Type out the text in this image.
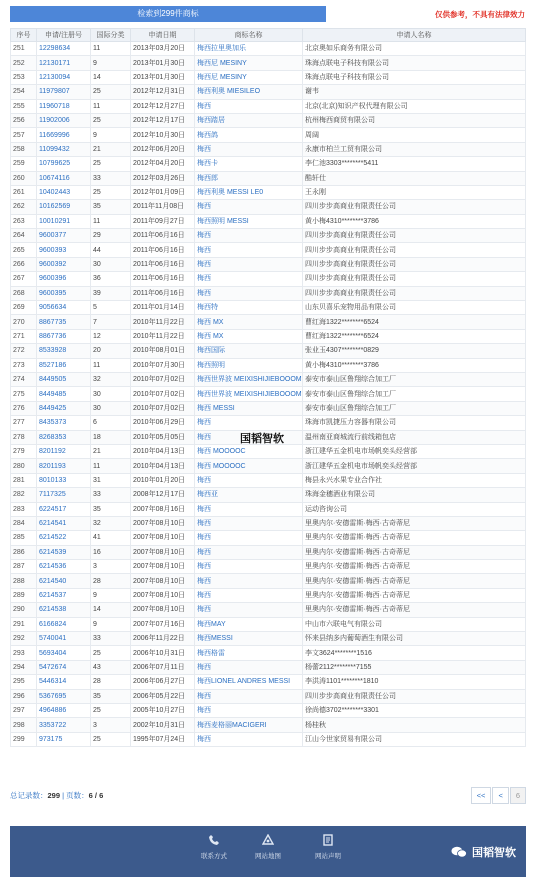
检索到299件商标	仅供参考，不具有法律效力
序号	申请/注册号	国际分类	申请日期	商标名称	申请人名称
251	12298634	11	2013年03月20日	梅西拉里奥加乐	北京奥如乐商务有限公司
252	12130171	9	2013年01月30日	梅西尼 MESINY	珠海点联电子科技有限公司
253	12130094	14	2013年01月30日	梅西尼 MESINY	珠海点联电子科技有限公司
254	11979807	25	2012年12月31日	梅西利奥 MIESILEO	谢韦
255	11960718	11	2012年12月27日	梅西	北京(北京)知识产权代理有限公司
256	11902006	25	2012年12月17日	梅西踏居	杭州梅西商贸有限公司
257	11669996	9	2012年10月30日	梅西鸽	周阔
258	11099432	21	2012年06月20日	梅西	永康市柏兰工贸有限公司
259	10799625	25	2012年04月20日	梅西卡	李仁池3303********5411
260	10674116	33	2012年03月26日	梅西郎	酷轩仕
261	10402443	25	2012年01月09日	梅西利奥 MESSI LE0	王永刚
262	10162569	35	2011年11月08日	梅西	四川步步高商业有限责任公司
263	10010291	11	2011年09月27日	梅西照明 MESSI	黄小梅4310********3786
264	9600377	29	2011年06月16日	梅西	四川步步高商业有限责任公司
265	9600393	44	2011年06月16日	梅西	四川步步高商业有限责任公司
266	9600392	30	2011年06月16日	梅西	四川步步高商业有限责任公司
267	9600396	36	2011年06月16日	梅西	四川步步高商业有限责任公司
268	9600395	39	2011年06月16日	梅西	四川步步高商业有限责任公司
269	9056634	5	2011年01月14日	梅西特	山东贝喜乐宠物用品有限公司
270	8867735	7	2010年11月22日	梅西 MX	曹红海1322********6524
271	8867736	12	2010年11月22日	梅西 MX	曹红海1322********6524
272	8533928	20	2010年08月01日	梅西国际	张业玉4307********0829
273	8527186	11	2010年07月30日	梅西照明	黄小梅4310********3786
274	8449505	32	2010年07月02日	梅西世界波 MEIXISHIJIEBOOOM	泰安市泰山区鲁翔综合加工厂
275	8449485	30	2010年07月02日	梅西世界波 MEIXISHIJIEBOOOM	泰安市泰山区鲁翔综合加工厂
276	8449425	30	2010年07月02日	梅西 MESSI	泰安市泰山区鲁翔综合加工厂
277	8435373	6	2010年06月29日	梅西	珠海市凯捷压力容器有限公司
278	8268353	18	2010年05月05日	梅西	温州南亚商城流行前线箱包店
279	8201192	21	2010年04月13日	梅西 MOOOOC	浙江建华五金机电市场帆奕头经营部
280	8201193	11	2010年04月13日	梅西 MOOOOC	浙江建华五金机电市场帆奕头经营部
281	8010133	31	2010年01月20日	梅西	梅县永兴水果专业合作社
282	7117325	33	2008年12月17日	梅西亚	珠海金穗酒业有限公司
283	6224517	35	2007年08月16日	梅西	运动咨询公司
284	6214541	32	2007年08月10日	梅西	里奥内尔·安德雷斯·梅西·古奇蒂尼
285	6214522	41	2007年08月10日	梅西	里奥内尔·安德雷斯·梅西·古奇蒂尼
286	6214539	16	2007年08月10日	梅西	里奥内尔·安德雷斯·梅西·古奇蒂尼
287	6214536	3	2007年08月10日	梅西	里奥内尔·安德雷斯·梅西·古奇蒂尼
288	6214540	28	2007年08月10日	梅西	里奥内尔·安德雷斯·梅西·古奇蒂尼
289	6214537	9	2007年08月10日	梅西	里奥内尔·安德雷斯·梅西·古奇蒂尼
290	6214538	14	2007年08月10日	梅西	里奥内尔·安德雷斯·梅西·古奇蒂尼
291	6166824	9	2007年07月16日	梅西MAY	中山市六联电气有限公司
292	5740041	33	2006年11月22日	梅西MESSI	怀来县纳多内葡萄酒生有限公司
293	5693404	25	2006年10月31日	梅西格雷	李文3624********1516
294	5472674	43	2006年07月11日	梅西	杨蕾2112********7155
295	5446314	28	2006年06月27日	梅西LIONEL ANDRES MESSI	李洪涛1101********1810
296	5367695	35	2006年05月22日	梅西	四川步步高商业有限责任公司
297	4964886	25	2005年10月27日	梅西	徐尚德3702********3301
298	3353722	3	2002年10月31日	梅西麦格丽MACIGERI	杨桂秋
299	973175	25	1995年07月24日	梅西	江山今世家贸易有限公司
国韬智软
总记录数：299 | 页数：6 / 6	<<	<	6
联系方式	网站地图	网站声明	国韬智软
